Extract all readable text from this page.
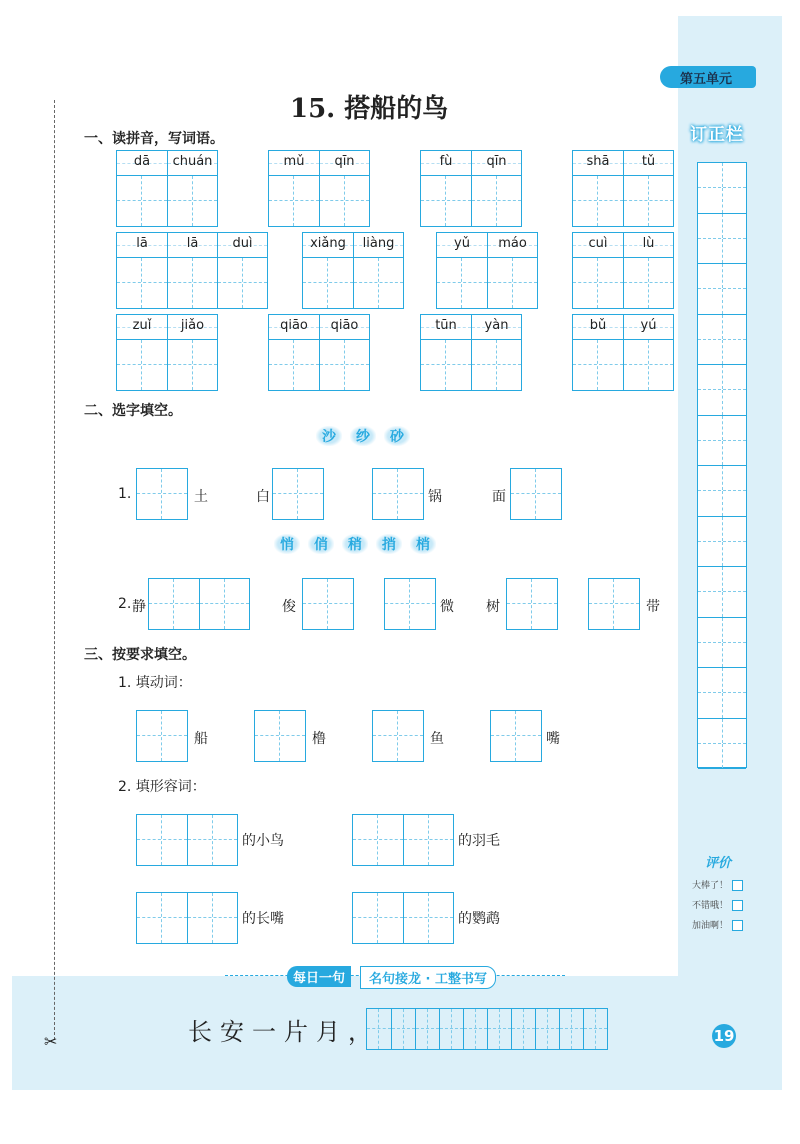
第五单元
订正栏
评价
大棒了！
不错哦！
加油啊！
每日一句	名句接龙 · 工整书写
长安一片月，	19
✂
15. 搭船的鸟
一、读拼音，写词语。
dā	chuán	mǔ	qīn	fù	qīn	shā	tǔ
lā	lā	duì	xiǎng	liàng	yǔ	máo	cuì	lù
zuǐ	jiǎo	qiāo	qiāo	tūn	yàn	bǔ	yú
二、选字填空。
沙	纱	砂
1.	土	白	锅	面
悄	俏	稍	捎	梢
2. 静	俊	微 树	带
三、按要求填空。
1. 填动词：
船	橹	鱼	嘴
2. 填形容词：
的小鸟	的羽毛
的长嘴	的鹦鹉
